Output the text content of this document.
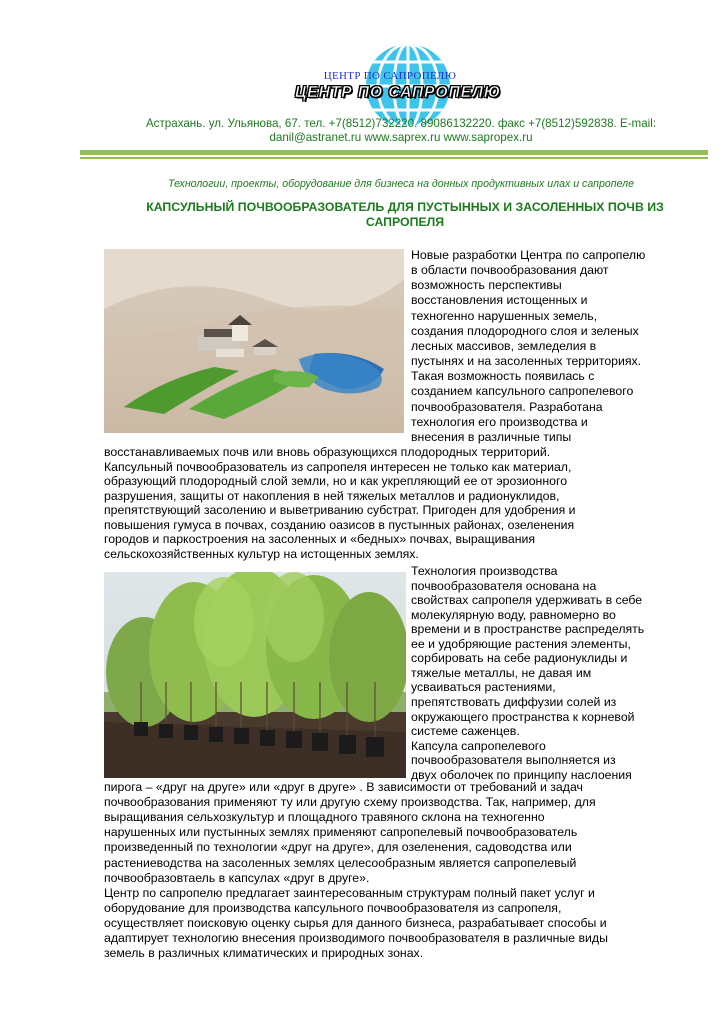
ЦЕНТР ПО САПРОПЕЛЮ
ЦЕНТР ПО САПРОПЕЛЮ
Астрахань. ул. Ульянова, 67. тел. +7(8512)732220. 89086132220. факс +7(8512)592838. E-mail:
danil@astranet.ru www.saprex.ru www.sapropex.ru
Технологии, проекты, оборудование для бизнеса на донных продуктивных илах и сапропеле
КАПСУЛЬНЫЙ ПОЧВООБРАЗОВАТЕЛЬ ДЛЯ ПУСТЫННЫХ И ЗАСОЛЕННЫХ ПОЧВ ИЗ
САПРОПЕЛЯ
Новые разработки Центра по сапропелю
в области почвообразования дают
возможность перспективы
восстановления истощенных и
техногенно нарушенных земель,
создания плодородного слоя и зеленых
лесных массивов, земледелия в
пустынях и на засоленных территориях.
Такая возможность появилась с
созданием капсульного сапропелевого
почвообразователя. Разработана
технология его производства и
внесения в различные типы
восстанавливаемых почв или вновь образующихся плодородных территорий.
Капсульный почвообразователь из сапропеля интересен не только как материал,
образующий плодородный слой земли, но и как укрепляющий ее от эрозионного
разрушения, защиты от накопления в ней тяжелых металлов и радионуклидов,
препятствующий засолению и выветриванию субстрат. Пригоден для удобрения и
повышения гумуса в почвах, созданию оазисов в пустынных районах, озеленения
городов и паркостроения на засоленных и «бедных» почвах, выращивания
сельскохозяйственных культур на истощенных землях.
Технология производства
почвообразователя основана на
свойствах сапропеля удерживать в себе
молекулярную воду, равномерно во
времени и в пространстве распределять
ее и удобряющие растения элементы,
сорбировать на себе радионуклиды и
тяжелые металлы, не давая им
усваиваться растениями,
препятствовать диффузии солей из
окружающего пространства к корневой
системе саженцев.
Капсула сапропелевого
почвообразователя выполняется из
двух оболочек по принципу наслоения
пирога – «друг на друге» или «друг в друге» . В зависимости от требований и задач
почвообразования применяют ту или другую схему производства. Так, например, для
выращивания сельхозкультур и площадного травяного склона на техногенно
нарушенных или пустынных землях применяют сапропелевый почвообразователь
произведенный по технологии «друг на друге», для озеленения, садоводства или
растениеводства на засоленных землях целесообразным является сапропелевый
почвообразовтаель в капсулах «друг в друге».
Центр по сапропелю предлагает заинтересованным структурам полный пакет услуг и
оборудование для производства капсульного почвообразователя из сапропеля,
осуществляет поисковую оценку сырья для данного бизнеса, разрабатывает способы и
адаптирует технологию внесения производимого почвообразователя в различные виды
земель в различных климатических и природных зонах.
